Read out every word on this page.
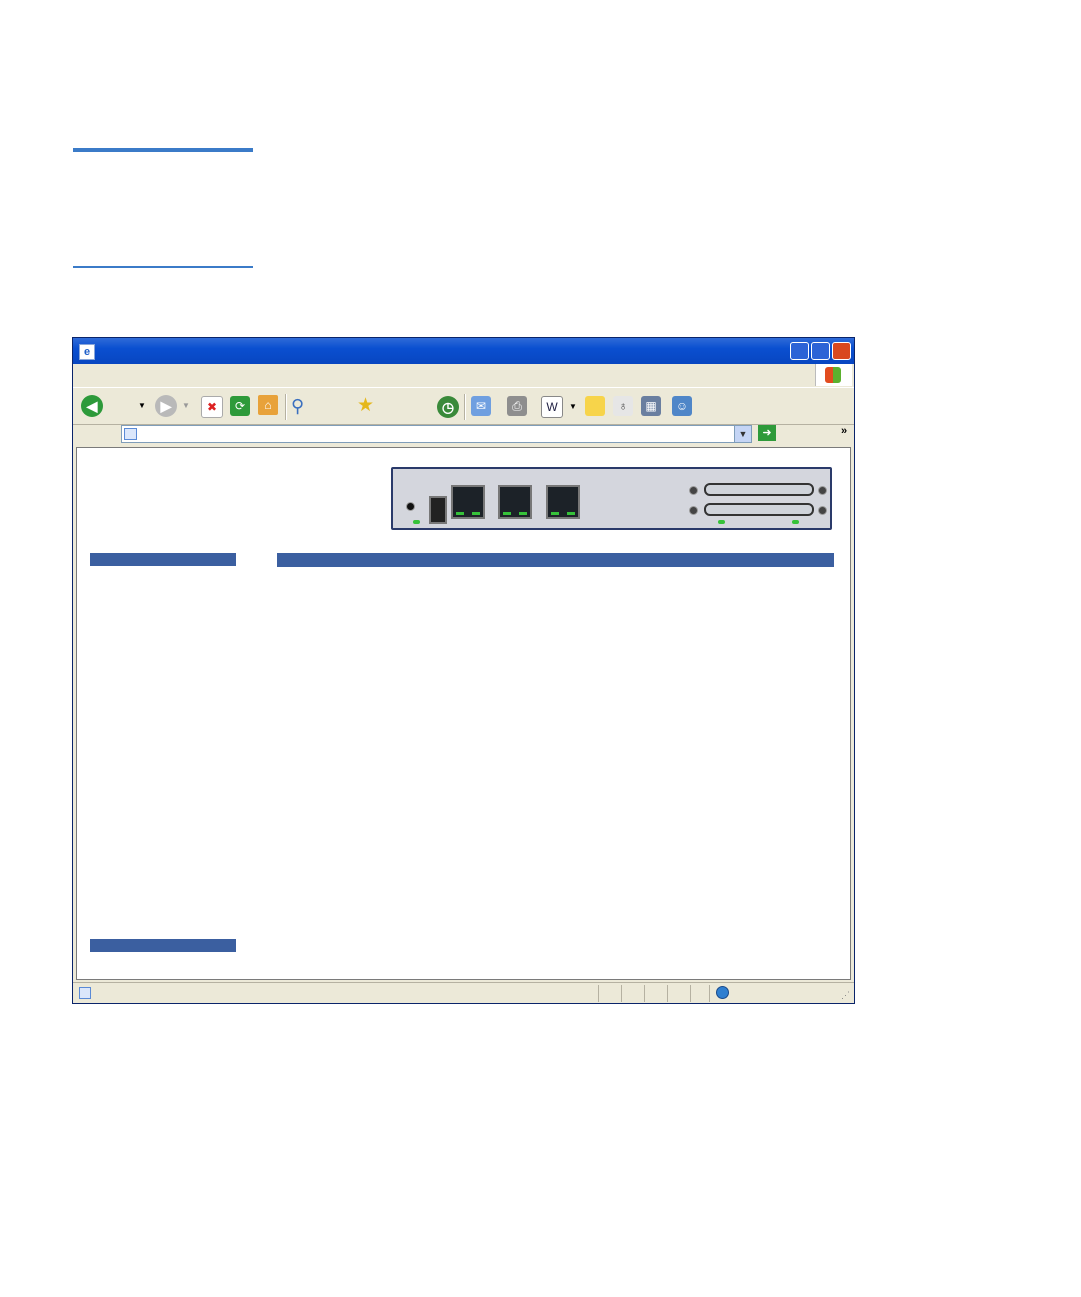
e
◀	▼	▶	▼	✖	⟳	⌂	⚲	★	◷	✉	⎙	W	▼	♁	▦	☺
▼	➜	»
⋰
